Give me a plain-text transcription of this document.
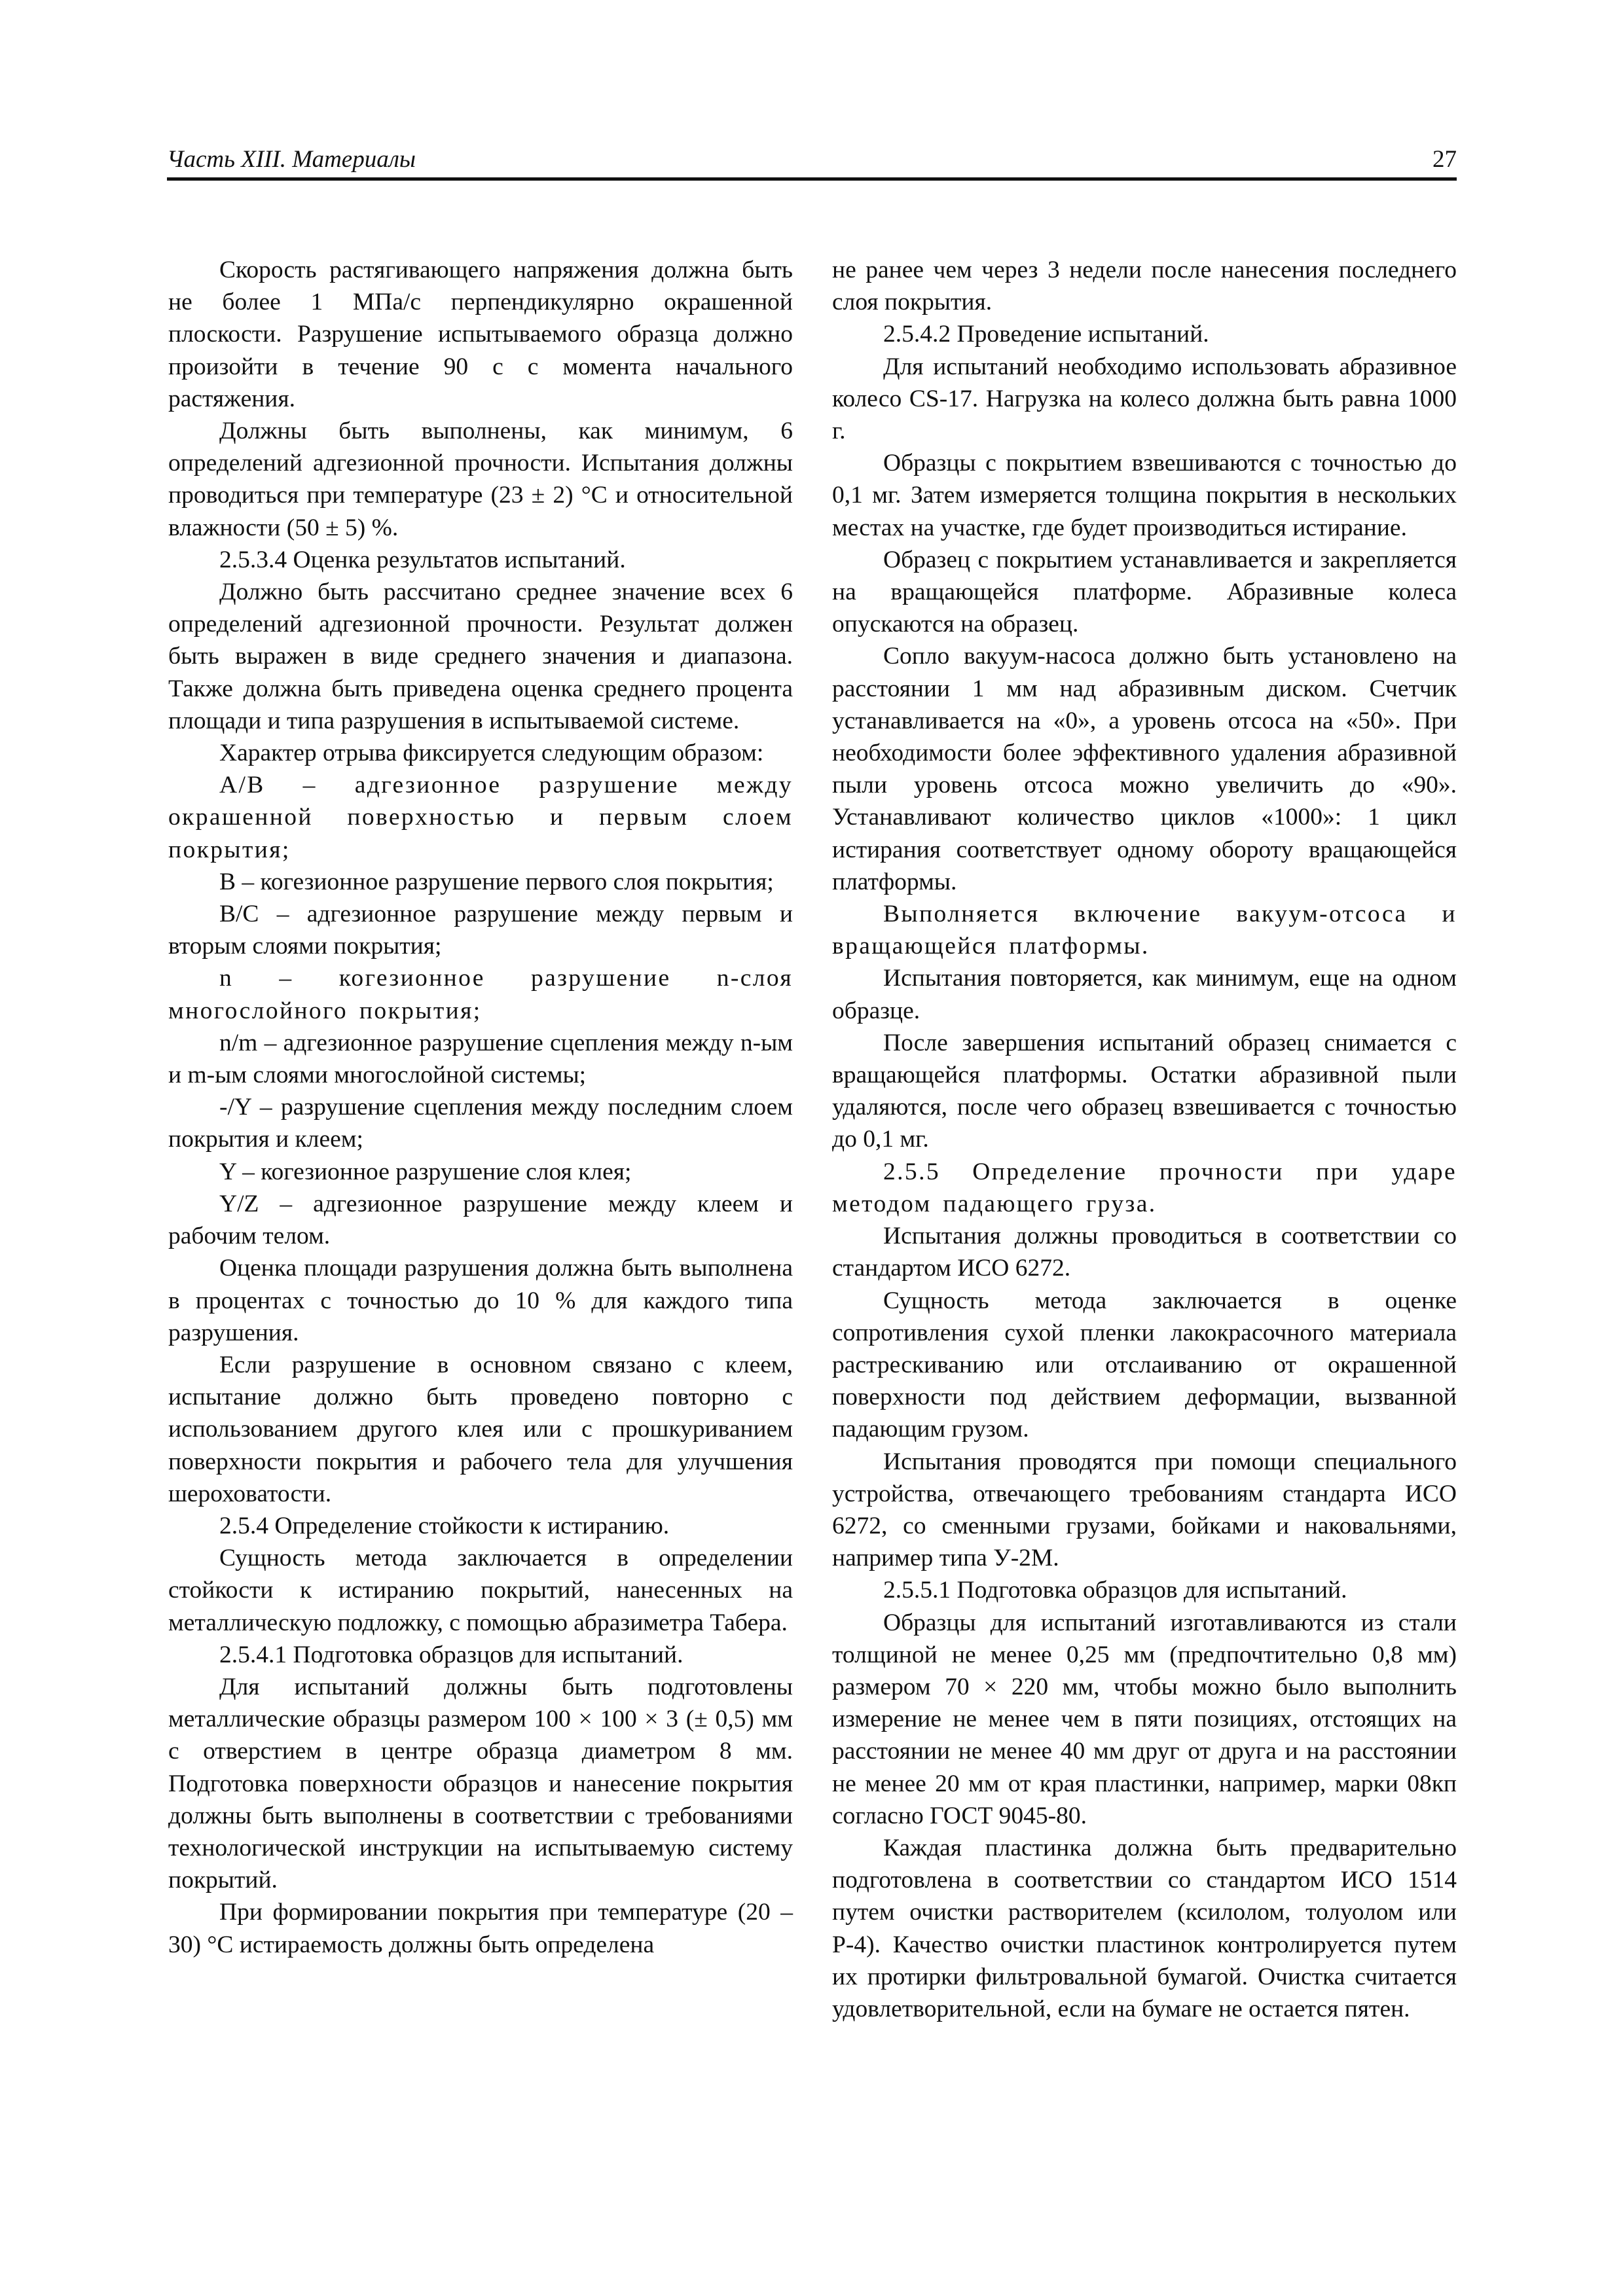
Часть XIII. Материалы	27

Скорость растягивающего напряжения должна быть не более 1 МПа/с перпендикулярно окрашенной плоскости. Разрушение испытываемого образца должно произойти в течение 90 с с момента начального растяжения.

Должны быть выполнены, как минимум, 6 определений адгезионной прочности. Испытания должны проводиться при температуре (23 ± 2) °С и относительной влажности (50 ± 5) %.

2.5.3.4 Оценка результатов испытаний.

Должно быть рассчитано среднее значение всех 6 определений адгезионной прочности. Результат должен быть выражен в виде среднего значения и диапазона. Также должна быть приведена оценка среднего процента площади и типа разрушения в испытываемой системе.

Характер отрыва фиксируется следующим образом:

A/B – адгезионное разрушение между окрашенной поверхностью и первым слоем покрытия;

B – когезионное разрушение первого слоя покрытия;

B/C – адгезионное разрушение между первым и вторым слоями покрытия;

n – когезионное разрушение n-слоя многослойного покрытия;

n/m – адгезионное разрушение сцепления между n-ым и m-ым слоями многослойной системы;

-/Y – разрушение сцепления между последним слоем покрытия и клеем;

Y – когезионное разрушение слоя клея;

Y/Z – адгезионное разрушение между клеем и рабочим телом.

Оценка площади разрушения должна быть выполнена в процентах с точностью до 10 % для каждого типа разрушения.

Если разрушение в основном связано с клеем, испытание должно быть проведено повторно с использованием другого клея или с прошкуриванием поверхности покрытия и рабочего тела для улучшения шероховатости.

2.5.4 Определение стойкости к истиранию.

Сущность метода заключается в определении стойкости к истиранию покрытий, нанесенных на металлическую подложку, с помощью абразиметра Табера.

2.5.4.1 Подготовка образцов для испытаний.

Для испытаний должны быть подготовлены металлические образцы размером 100 × 100 × 3 (± 0,5) мм с отверстием в центре образца диаметром 8 мм. Подготовка поверхности образцов и нанесение покрытия должны быть выполнены в соответствии с требованиями технологической инструкции на испытываемую систему покрытий.

При формировании покрытия при температуре (20 – 30) °С истираемость должны быть определена

не ранее чем через 3 недели после нанесения последнего слоя покрытия.

2.5.4.2 Проведение испытаний.

Для испытаний необходимо использовать абразивное колесо CS-17. Нагрузка на колесо должна быть равна 1000 г.

Образцы с покрытием взвешиваются с точностью до 0,1 мг. Затем измеряется толщина покрытия в нескольких местах на участке, где будет производиться истирание.

Образец с покрытием устанавливается и закрепляется на вращающейся платформе. Абразивные колеса опускаются на образец.

Сопло вакуум-насоса должно быть установлено на расстоянии 1 мм над абразивным диском. Счетчик устанавливается на «0», а уровень отсоса на «50». При необходимости более эффективного удаления абразивной пыли уровень отсоса можно увеличить до «90». Устанавливают количество циклов «1000»: 1 цикл истирания соответствует одному обороту вращающейся платформы.

Выполняется включение вакуум-отсоса и вращающейся платформы.

Испытания повторяется, как минимум, еще на одном образце.

После завершения испытаний образец снимается с вращающейся платформы. Остатки абразивной пыли удаляются, после чего образец взвешивается с точностью до 0,1 мг.

2.5.5 Определение прочности при ударе методом падающего груза.

Испытания должны проводиться в соответствии со стандартом ИСО 6272.

Сущность метода заключается в оценке сопротивления сухой пленки лакокрасочного материала растрескиванию или отслаиванию от окрашенной поверхности под действием деформации, вызванной падающим грузом.

Испытания проводятся при помощи специального устройства, отвечающего требованиям стандарта ИСО 6272, со сменными грузами, бойками и наковальнями, например типа У-2М.

2.5.5.1 Подготовка образцов для испытаний.

Образцы для испытаний изготавливаются из стали толщиной не менее 0,25 мм (предпочтительно 0,8 мм) размером 70 × 220 мм, чтобы можно было выполнить измерение не менее чем в пяти позициях, отстоящих на расстоянии не менее 40 мм друг от друга и на расстоянии не менее 20 мм от края пластинки, например, марки 08кп согласно ГОСТ 9045-80.

Каждая пластинка должна быть предварительно подготовлена в соответствии со стандартом ИСО 1514 путем очистки растворителем (ксилолом, толуолом или Р-4). Качество очистки пластинок контролируется путем их протирки фильтровальной бумагой. Очистка считается удовлетворительной, если на бумаге не остается пятен.
